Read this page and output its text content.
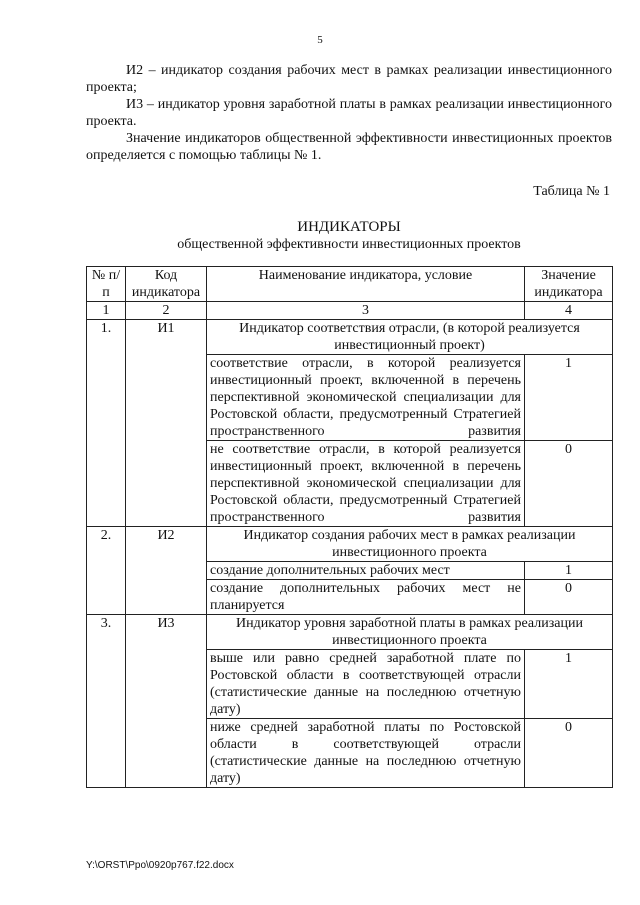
5

И2 – индикатор создания рабочих мест в рамках реализации инвестиционного проекта;

И3 – индикатор уровня заработной платы в рамках реализации инвестиционного проекта.

Значение индикаторов общественной эффективности инвестиционных проектов определяется с помощью таблицы № 1.

Таблица № 1
ИНДИКАТОРЫ
общественной эффективности инвестиционных проектов
№ п/п	Код индикатора	Наименование индикатора, условие	Значение индикатора
1	2	3	4
1.	И1	Индикатор соответствия отрасли, (в которой реализуется инвестиционный проект)	
		соответствие отрасли, в которой реализуется инвестиционный проект, включенной в перечень перспективной экономической специализации для Ростовской области, предусмотренный Стратегией пространственного развития	1
		не соответствие отрасли, в которой реализуется инвестиционный проект, включенной в перечень перспективной экономической специализации для Ростовской области, предусмотренный Стратегией пространственного развития	0
2.	И2	Индикатор создания рабочих мест в рамках реализации инвестиционного проекта	
		создание дополнительных рабочих мест	1
		создание дополнительных рабочих мест не планируется	0
3.	И3	Индикатор уровня заработной платы в рамках реализации инвестиционного проекта	
		выше или равно средней заработной плате по Ростовской области в соответствующей отрасли (статистические данные на последнюю отчетную дату)	1
		ниже средней заработной платы по Ростовской области в соответствующей отрасли (статистические данные на последнюю отчетную дату)	0
Y:\ORST\Ppo\0920p767.f22.docx
